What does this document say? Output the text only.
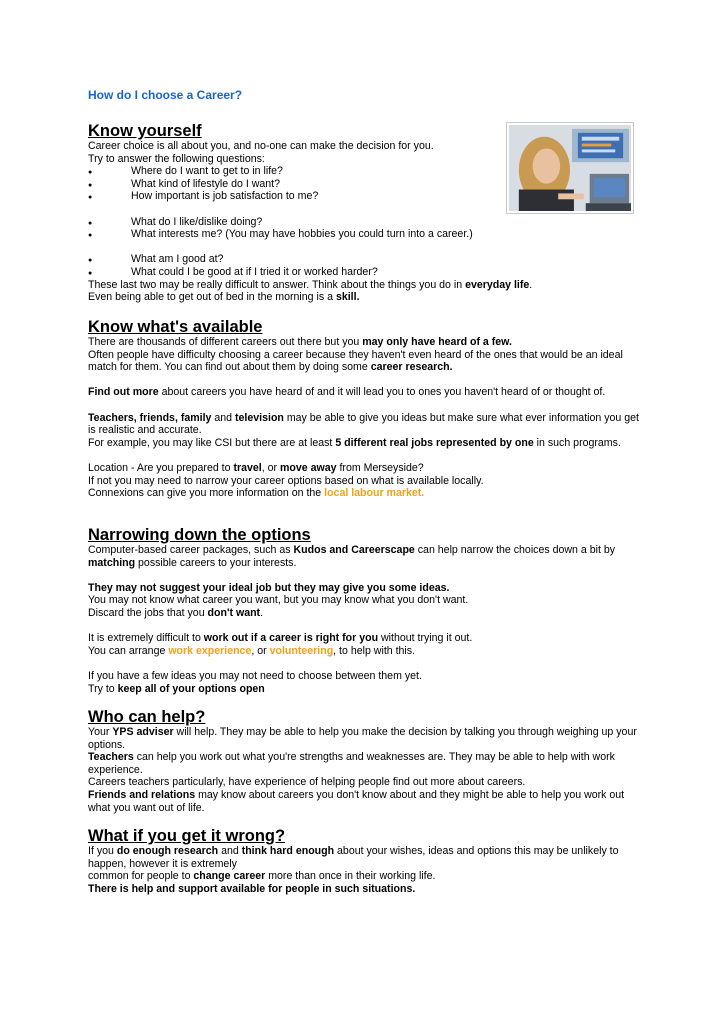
How do I choose a Career?

Know yourself

Career choice is all about you, and no-one can make the decision for you.

Try to answer the following questions:

● Where do I want to get to in life?
● What kind of lifestyle do I want?
● How important is job satisfaction to me?
● What do I like/dislike doing?
● What interests me? (You may have hobbies you could turn into a career.)
● What am I good at?
● What could I be good at if I tried it or worked harder?

These last two may be really difficult to answer. Think about the things you do in everyday life.

Even being able to get out of bed in the morning is a skill.

Know what's available

There are thousands of different careers out there but you may only have heard of a few.

Often people have difficulty choosing a career because they haven't even heard of the ones that would be an ideal match for them. You can find out about them by doing some career research.

Find out more about careers you have heard of and it will lead you to ones you haven't heard of or thought of.

Teachers, friends, family and television may be able to give you ideas but make sure what ever information you get is realistic and accurate.

For example, you may like CSI but there are at least 5 different real jobs represented by one in such programs.

Location - Are you prepared to travel, or move away from Merseyside?

If not you may need to narrow your career options based on what is available locally.

Connexions can give you more information on the local labour market.

Narrowing down the options

Computer-based career packages, such as Kudos and Careerscape can help narrow the choices down a bit by matching possible careers to your interests.

They may not suggest your ideal job but they may give you some ideas.

You may not know what career you want, but you may know what you don't want.

Discard the jobs that you don't want.

It is extremely difficult to work out if a career is right for you without trying it out.

You can arrange work experience, or volunteering, to help with this.

If you have a few ideas you may not need to choose between them yet.

Try to keep all of your options open

Who can help?

Your YPS adviser will help. They may be able to help you make the decision by talking you through weighing up your options.

Teachers can help you work out what you're strengths and weaknesses are. They may be able to help with work experience.

Careers teachers particularly, have experience of helping people find out more about careers.

Friends and relations may know about careers you don't know about and they might be able to help you work out what you want out of life.

What if you get it wrong?

If you do enough research and think hard enough about your wishes, ideas and options this may be unlikely to happen, however it is extremely

common for people to change career more than once in their working life.

There is help and support available for people in such situations.
